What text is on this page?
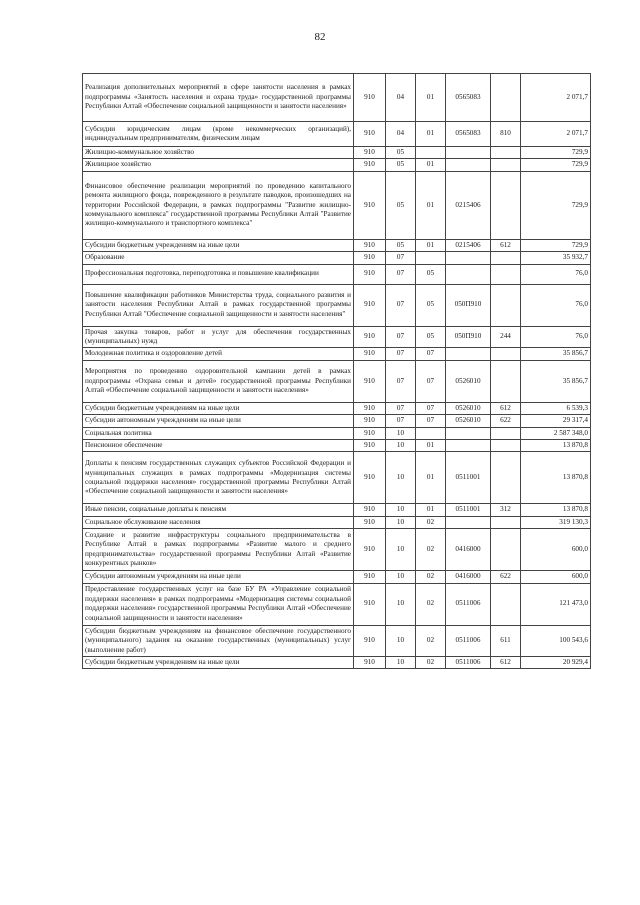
82
Реализация дополнительных мероприятий в сфере занятости населения в рамках подпрограммы «Занятость населения и охрана труда» государственной программы Республики Алтай «Обеспечение социальной защищенности и занятости населения»	910	04	01	0565083		2 071,7
Субсидии юридическим лицам (кроме некоммерческих организаций), индивидуальным предпринимателям, физическим лицам	910	04	01	0565083	810	2 071,7
Жилищно-коммунальное хозяйство	910	05				729,9
Жилищное хозяйство	910	05	01			729,9
Финансовое обеспечение реализации мероприятий по проведению капитального ремонта жилищного фонда, поврежденного в результате паводков, произошедших на территории Российской Федерации, в рамках подпрограммы "Развитие жилищно-коммунального комплекса" государственной программы Республики Алтай "Развитие жилищно-коммунального и транспортного комплекса"	910	05	01	0215406		729,9
Субсидии бюджетным учреждениям на иные цели	910	05	01	0215406	612	729,9
Образование	910	07				35 932,7
Профессиональная подготовка, переподготовка и повышение квалификации	910	07	05			76,0
Повышение квалификации работников Министерства труда, социального развития и занятости населения Республики Алтай в рамках государственной программы Республики Алтай "Обеспечение социальной защищенности и занятости населения"	910	07	05	050П910		76,0
Прочая закупка товаров, работ и услуг для обеспечения государственных (муниципальных) нужд	910	07	05	050П910	244	76,0
Молодежная политика и оздоровление детей	910	07	07			35 856,7
Мероприятия по проведению оздоровительной кампании детей в рамках подпрограммы «Охрана семьи и детей» государственной программы Республики Алтай «Обеспечение социальной защищенности и занятости населения»	910	07	07	0526010		35 856,7
Субсидии бюджетным учреждениям на иные цели	910	07	07	0526010	612	6 539,3
Субсидии автономным учреждениям на иные цели	910	07	07	0526010	622	29 317,4
Социальная политика	910	10				2 587 348,0
Пенсионное обеспечение	910	10	01			13 870,8
Доплаты к пенсиям государственных служащих субъектов Российской Федерации и муниципальных служащих в рамках подпрограммы «Модернизация системы социальной поддержки населения» государственной программы Республики Алтай «Обеспечение социальной защищенности и занятости населения»	910	10	01	0511001		13 870,8
Иные пенсии, социальные доплаты к пенсиям	910	10	01	0511001	312	13 870,8
Социальное обслуживание населения	910	10	02			319 130,3
Создание и развитие инфраструктуры социального предпринимательства в Республике Алтай в рамках подпрограммы «Развитие малого и среднего предпринимательства» государственной программы Республики Алтай «Развитие конкурентных рынков»	910	10	02	0416000		600,0
Субсидии автономным учреждениям на иные цели	910	10	02	0416000	622	600,0
Предоставление государственных услуг на базе БУ РА «Управление социальной поддержки населения» в рамках подпрограммы «Модернизация системы социальной поддержки населения» государственной программы Республики Алтай «Обеспечение социальной защищенности и занятости населения»	910	10	02	0511006		121 473,0
Субсидии бюджетным учреждениям на финансовое обеспечение государственного (муниципального) задания на оказание государственных (муниципальных) услуг (выполнение работ)	910	10	02	0511006	611	100 543,6
Субсидии бюджетным учреждениям на иные цели	910	10	02	0511006	612	20 929,4
